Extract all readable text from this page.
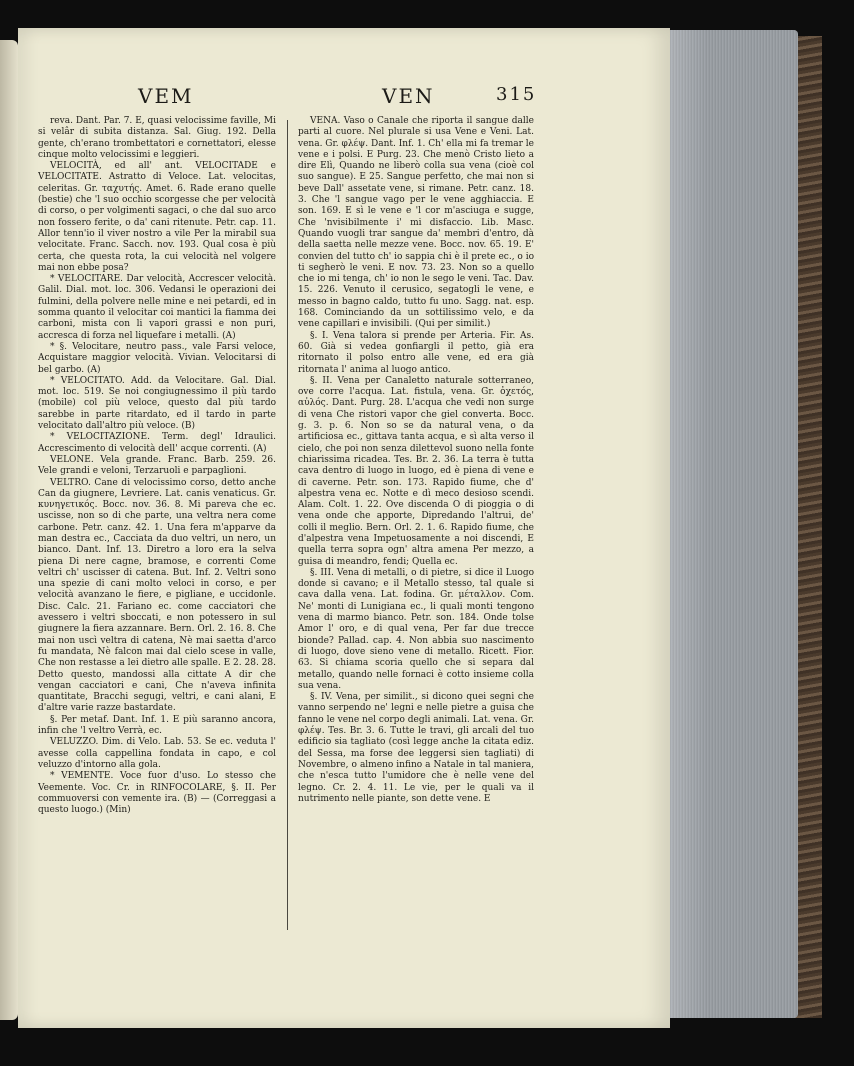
VEM	VEN	315

reva. Dant. Par. 7. E, quasi velocissime faville, Mi si velâr di subita distanza. Sal. Giug. 192. Della gente, ch'erano trombettatori e cornettatori, elesse cinque molto velocissimi e leggieri.

VELOCITÀ, ed all' ant. VELOCITADE e VELOCITATE. Astratto di Veloce. Lat. velocitas, celeritas. Gr. ταχυτής. Amet. 6. Rade erano quelle (bestie) che 'l suo occhio scorgesse che per velocità di corso, o per volgimenti sagaci, o che dal suo arco non fossero ferite, o da' cani ritenute. Petr. cap. 11. Allor tenn'io il viver nostro a vile Per la mirabil sua velocitate. Franc. Sacch. nov. 193. Qual cosa è più certa, che questa rota, la cui velocità nel volgere mai non ebbe posa?

* VELOCITARE. Dar velocità, Accrescer velocità. Galil. Dial. mot. loc. 306. Vedansi le operazioni dei fulmini, della polvere nelle mine e nei petardi, ed in somma quanto il velocitar coi mantici la fiamma dei carboni, mista con li vapori grassi e non puri, accresca di forza nel liquefare i metalli. (A)

* §. Velocitare, neutro pass., vale Farsi veloce, Acquistare maggior velocità. Vivian. Velocitarsi di bel garbo. (A)

* VELOCITATO. Add. da Velocitare. Gal. Dial. mot. loc. 519. Se noi congiugnessimo il più tardo (mobile) col più veloce, questo dal più tardo sarebbe in parte ritardato, ed il tardo in parte velocitato dall'altro più veloce. (B)

* VELOCITAZIONE. Term. degl' Idraulici. Accrescimento di velocità dell' acque correnti. (A)

VELONE. Vela grande. Franc. Barb. 259. 26. Vele grandi e veloni, Terzaruoli e parpaglioni.

VELTRO. Cane di velocissimo corso, detto anche Can da giugnere, Levriere. Lat. canis venaticus. Gr. κυνηγετικός. Bocc. nov. 36. 8. Mi pareva che ec. uscisse, non so di che parte, una veltra nera come carbone. Petr. canz. 42. 1. Una fera m'apparve da man destra ec., Cacciata da duo veltri, un nero, un bianco. Dant. Inf. 13. Diretro a loro era la selva piena Di nere cagne, bramose, e correnti Come veltri ch' uscisser di catena. But. Inf. 2. Veltri sono una spezie di cani molto veloci in corso, e per velocità avanzano le fiere, e pigliane, e uccidonle. Disc. Calc. 21. Fariano ec. come cacciatori che avessero i veltri sboccati, e non potessero in sul giugnere la fiera azzannare. Bern. Orl. 2. 16. 8. Che mai non uscì veltra di catena, Nè mai saetta d'arco fu mandata, Nè falcon mai dal cielo scese in valle, Che non restasse a lei dietro alle spalle. E 2. 28. 28. Detto questo, mandossi alla cittate A dir che vengan cacciatori e cani, Che n'aveva infinita quantitate, Bracchi segugi, veltri, e cani alani, E d'altre varie razze bastardate.

§. Per metaf. Dant. Inf. 1. E più saranno ancora, infin che 'l veltro Verrà, ec.

VELUZZO. Dim. di Velo. Lab. 53. Se ec. veduta l' avesse colla cappellina fondata in capo, e col veluzzo d'intorno alla gola.

* VEMENTE. Voce fuor d'uso. Lo stesso che Veemente. Voc. Cr. in RINFOCOLARE, §. II. Per commuoversi con vemente ira. (B) — (Correggasi a questo luogo.) (Min)

VENA. Vaso o Canale che riporta il sangue dalle parti al cuore. Nel plurale si usa Vene e Veni. Lat. vena. Gr. φλέψ. Dant. Inf. 1. Ch' ella mi fa tremar le vene e i polsi. E Purg. 23. Che menò Cristo lieto a dire Elì, Quando ne liberò colla sua vena (cioè col suo sangue). E 25. Sangue perfetto, che mai non si beve Dall' assetate vene, si rimane. Petr. canz. 18. 3. Che 'l sangue vago per le vene agghiaccia. E son. 169. E sì le vene e 'l cor m'asciuga e sugge, Che 'nvisibilmente i' mi disfaccio. Lib. Masc. Quando vuogli trar sangue da' membri d'entro, dà della saetta nelle mezze vene. Bocc. nov. 65. 19. E' convien del tutto ch' io sappia chi è il prete ec., o io ti segherò le veni. E nov. 73. 23. Non so a quello che io mi tenga, ch' io non le sego le veni. Tac. Dav. 15. 226. Venuto il cerusico, segatogli le vene, e messo in bagno caldo, tutto fu uno. Sagg. nat. esp. 168. Cominciando da un sottilissimo velo, e da vene capillari e invisibili. (Qui per similit.)

§. I. Vena talora si prende per Arteria. Fir. As. 60. Già si vedea gonfiargli il petto, già era ritornato il polso entro alle vene, ed era già ritornata l' anima al luogo antico.

§. II. Vena per Canaletto naturale sotterraneo, ove corre l'acqua. Lat. fistula, vena. Gr. ὀχετός, αὐλός. Dant. Purg. 28. L'acqua che vedi non surge di vena Che ristori vapor che giel converta. Bocc. g. 3. p. 6. Non so se da natural vena, o da artificiosa ec., gittava tanta acqua, e sì alta verso il cielo, che poi non senza dilettevol suono nella fonte chiarissima ricadea. Tes. Br. 2. 36. La terra è tutta cava dentro di luogo in luogo, ed è piena di vene e di caverne. Petr. son. 173. Rapido fiume, che d' alpestra vena ec. Notte e dì meco desioso scendi. Alam. Colt. 1. 22. Ove discenda O di pioggia o di vena onde che apporte, Dipredando l'altrui, de' colli il meglio. Bern. Orl. 2. 1. 6. Rapido fiume, che d'alpestra vena Impetuosamente a noi discendi, E quella terra sopra ogn' altra amena Per mezzo, a guisa di meandro, fendi; Quella ec.

§. III. Vena di metalli, o di pietre, si dice il Luogo donde si cavano; e il Metallo stesso, tal quale si cava dalla vena. Lat. fodina. Gr. μέταλλον. Com. Ne' monti di Lunigiana ec., li quali monti tengono vena di marmo bianco. Petr. son. 184. Onde tolse Amor l' oro, e di qual vena, Per far due trecce bionde? Pallad. cap. 4. Non abbia suo nascimento di luogo, dove sieno vene di metallo. Ricett. Fior. 63. Si chiama scoria quello che si separa dal metallo, quando nelle fornaci è cotto insieme colla sua vena.

§. IV. Vena, per similit., si dicono quei segni che vanno serpendo ne' legni e nelle pietre a guisa che fanno le vene nel corpo degli animali. Lat. vena. Gr. φλέψ. Tes. Br. 3. 6. Tutte le travi, gli arcali del tuo edificio sia tagliato (così legge anche la citata ediz. del Sessa, ma forse dee leggersi sien tagliati) di Novembre, o almeno infino a Natale in tal maniera, che n'esca tutto l'umidore che è nelle vene del legno. Cr. 2. 4. 11. Le vie, per le quali va il nutrimento nelle piante, son dette vene. E
